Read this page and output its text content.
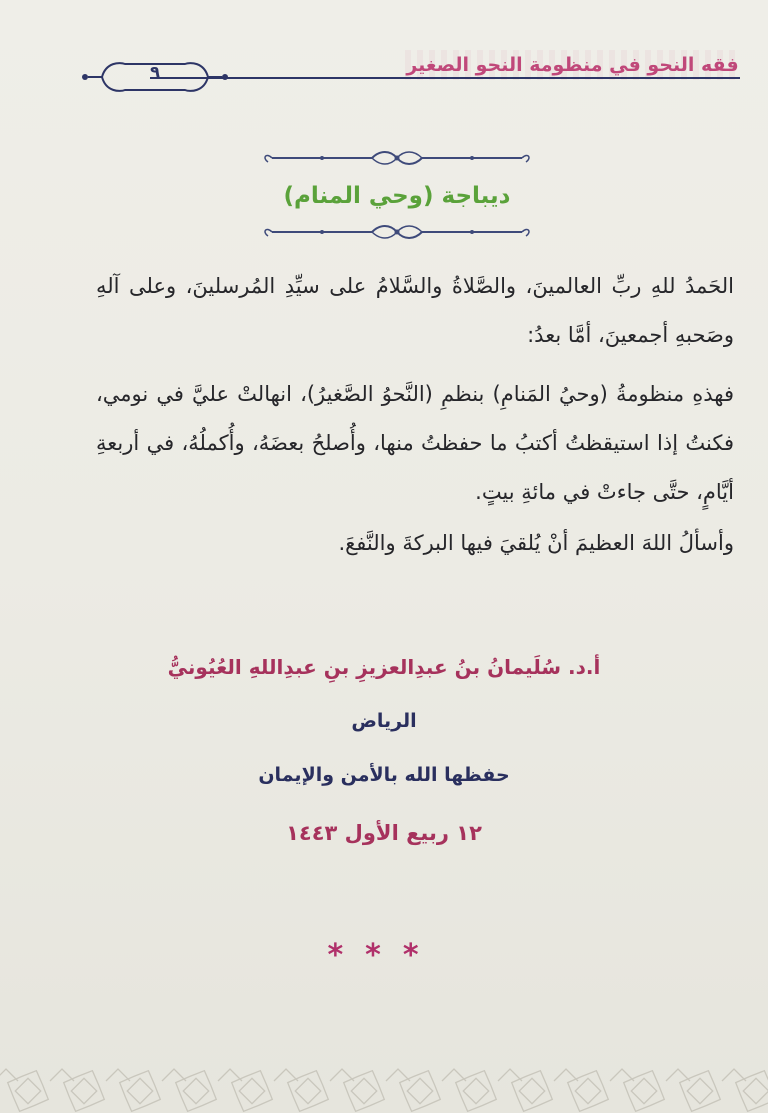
فقه النحو في منظومة النحو الصغير
٩
ديباجة (وحي المنام)

الحَمدُ للهِ ربِّ العالمينَ، والصَّلاةُ والسَّلامُ على سيِّدِ المُرسلينَ، وعلى آلهِ وصَحبهِ أجمعينَ، أمَّا بعدُ:

فهذهِ منظومةُ (وحيُ المَنامِ) بنظمِ (النَّحوُ الصَّغيرُ)، انهالتْ عليَّ في نومي، فكنتُ إذا استيقظتُ أكتبُ ما حفظتُ منها، وأُصلحُ بعضَهُ، وأُكملُهُ، في أربعةِ أيَّامٍ، حتَّى جاءتْ في مائةِ بيتٍ.

وأسألُ اللهَ العظيمَ أنْ يُلقيَ فيها البركةَ والنَّفعَ.

أ.د. سُلَيمانُ بنُ عبدِالعزيزِ بنِ عبدِاللهِ العُيُونيُّ
الرياض
حفظها الله بالأمن والإيمان
١٢ ربيع الأول ١٤٤٣
***
